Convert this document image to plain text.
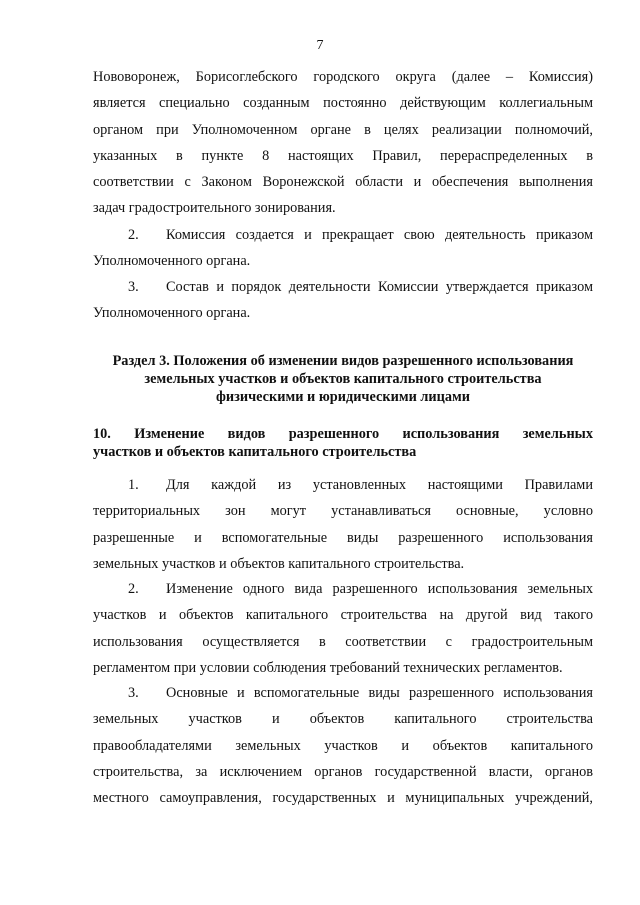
7
Нововоронеж, Борисоглебского городского округа (далее – Комиссия)
является специально созданным постоянно действующим коллегиальным
органом при Уполномоченном органе в целях реализации полномочий,
указанных в пункте 8 настоящих Правил, перераспределенных в
соответствии с Законом Воронежской области и обеспечения выполнения
задач градостроительного зонирования.
2. Комиссия создается и прекращает свою деятельность приказом
Уполномоченного органа.
3. Состав и порядок деятельности Комиссии утверждается приказом
Уполномоченного органа.
Раздел 3. Положения об изменении видов разрешенного использования
земельных участков и объектов капитального строительства
физическими и юридическими лицами
10. Изменение видов разрешенного использования земельных
участков и объектов капитального строительства
1. Для каждой из установленных настоящими Правилами
территориальных зон могут устанавливаться основные, условно
разрешенные и вспомогательные виды разрешенного использования
земельных участков и объектов капитального строительства.
2. Изменение одного вида разрешенного использования земельных
участков и объектов капитального строительства на другой вид такого
использования осуществляется в соответствии с градостроительным
регламентом при условии соблюдения требований технических регламентов.
3. Основные и вспомогательные виды разрешенного использования
земельных участков и объектов капитального строительства
правообладателями земельных участков и объектов капитального
строительства, за исключением органов государственной власти, органов
местного самоуправления, государственных и муниципальных учреждений,
